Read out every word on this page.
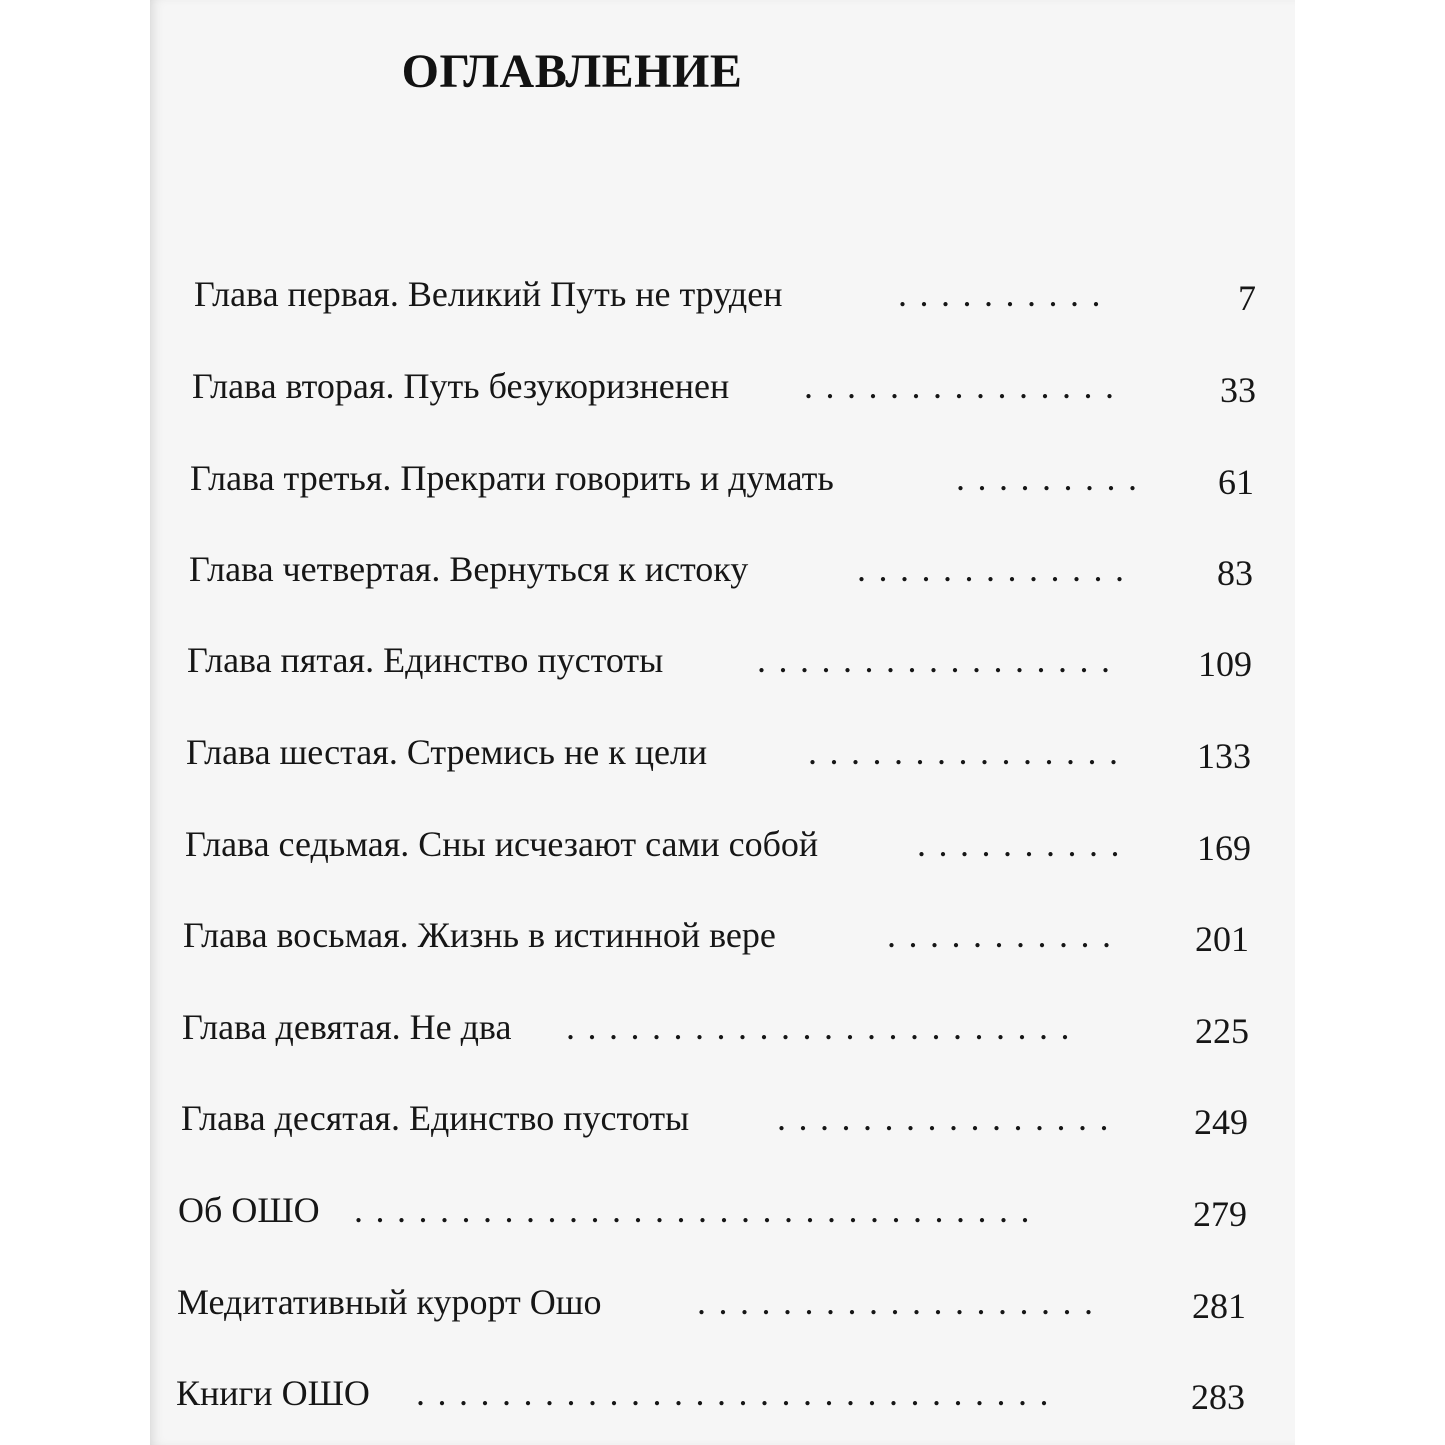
ОГЛАВЛЕНИЕ
Глава первая. Великий Путь не труден	..........	7
Глава вторая. Путь безукоризненен ...............	33
Глава третья. Прекрати говорить и думать	.........	61
Глава четвертая. Вернуться к истоку	.............	83
Глава пятая. Единство пустоты	.................	109
Глава шестая. Стремись не к цели	...............	133
Глава седьмая. Сны исчезают сами собой	..........	169
Глава восьмая. Жизнь в истинной вере	...........	201
Глава девятая. Не два ........................	225
Глава десятая. Единство пустоты ................	249
Об ОШО ................................	279
Медитативный курорт Ошо	...................	281
Книги ОШО ..............................	283
